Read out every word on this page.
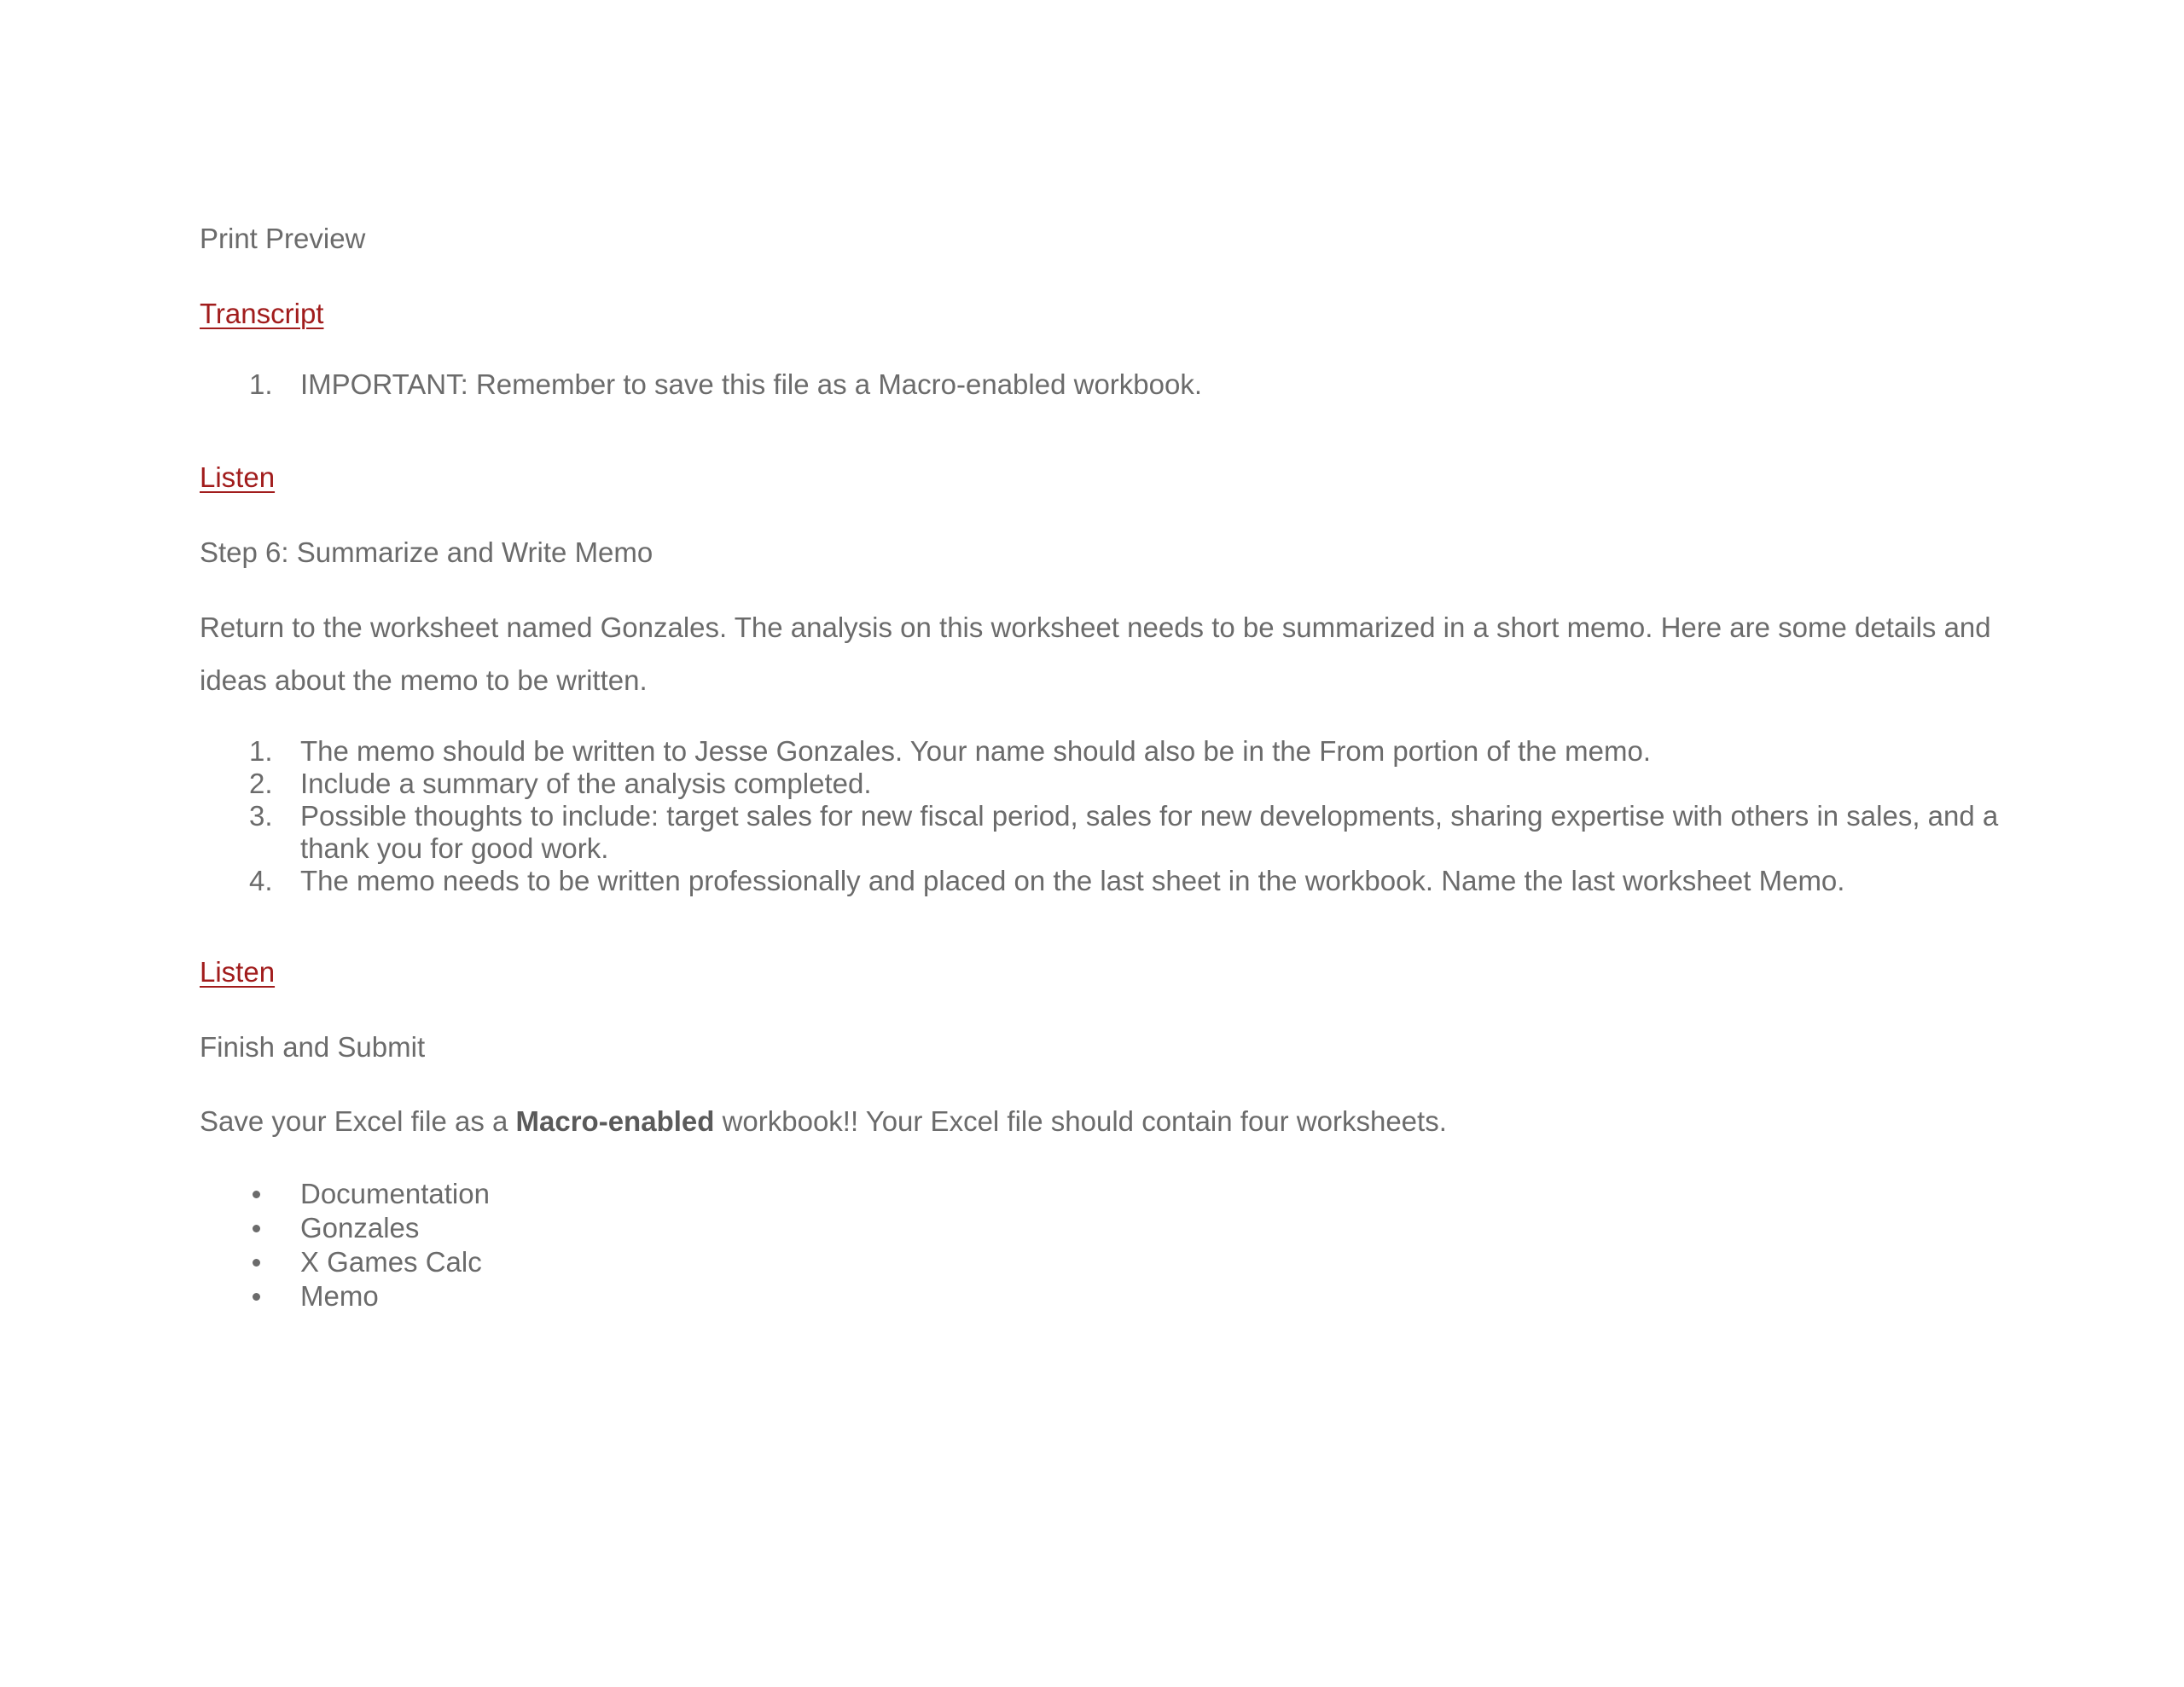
Print Preview
Transcript
1. IMPORTANT: Remember to save this file as a Macro-enabled workbook.
Listen
Step 6: Summarize and Write Memo
Return to the worksheet named Gonzales. The analysis on this worksheet needs to be summarized in a short memo. Here are some details and ideas about the memo to be written.
1. The memo should be written to Jesse Gonzales. Your name should also be in the From portion of the memo.
2. Include a summary of the analysis completed.
3. Possible thoughts to include: target sales for new fiscal period, sales for new developments, sharing expertise with others in sales, and a thank you for good work.
4. The memo needs to be written professionally and placed on the last sheet in the workbook. Name the last worksheet Memo.
Listen
Finish and Submit
Save your Excel file as a Macro-enabled workbook!! Your Excel file should contain four worksheets.
Documentation
Gonzales
X Games Calc
Memo
